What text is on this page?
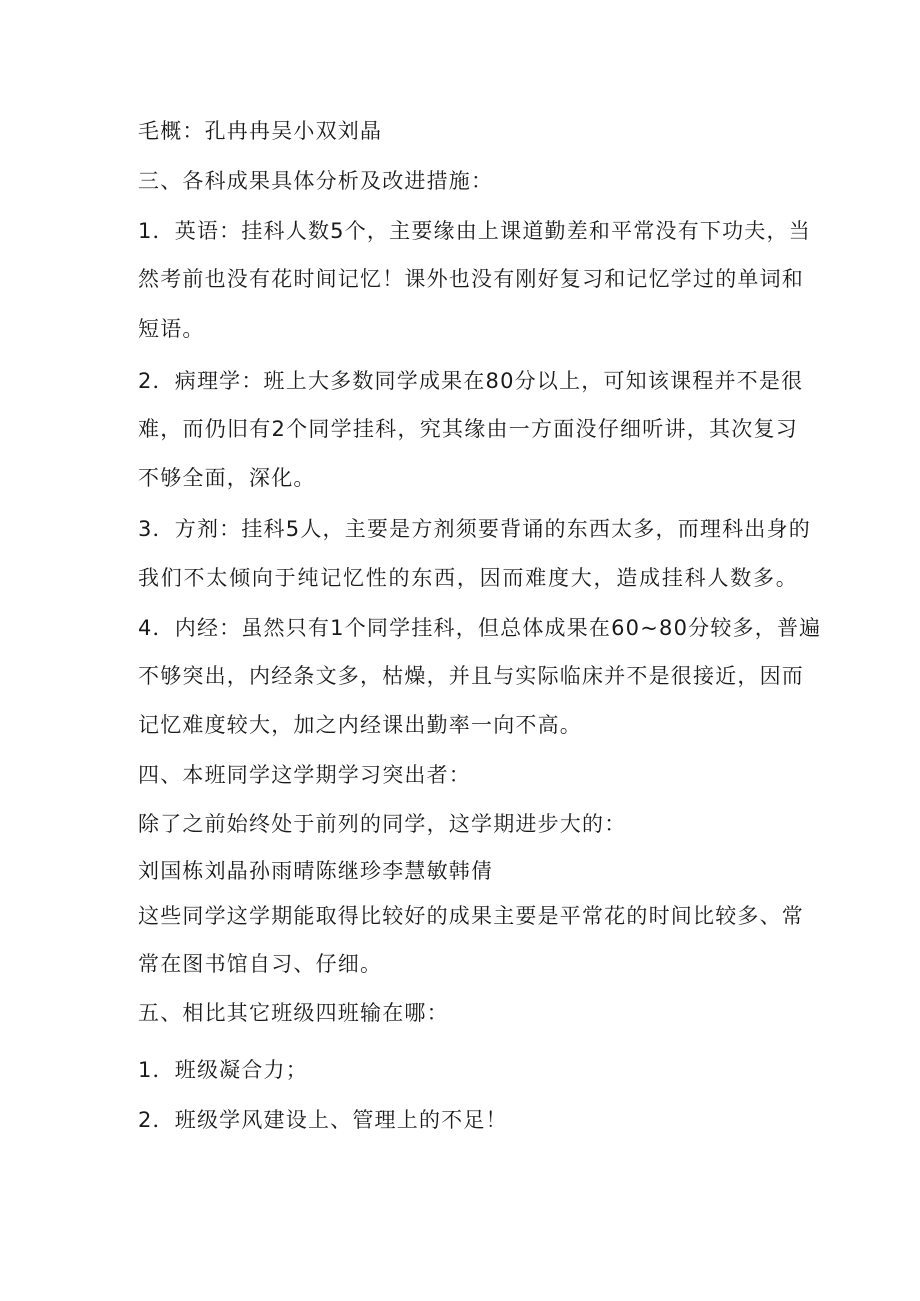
毛概：孔冉冉吴小双刘晶
三、各科成果具体分析及改进措施：
1．英语：挂科人数5个，主要缘由上课道勤差和平常没有下功夫，当
然考前也没有花时间记忆！课外也没有刚好复习和记忆学过的单词和
短语。
2．病理学：班上大多数同学成果在80分以上，可知该课程并不是很
难，而仍旧有2个同学挂科，究其缘由一方面没仔细听讲，其次复习
不够全面，深化。
3．方剂：挂科5人，主要是方剂须要背诵的东西太多，而理科出身的
我们不太倾向于纯记忆性的东西，因而难度大，造成挂科人数多。
4．内经：虽然只有1个同学挂科，但总体成果在60~80分较多，普遍
不够突出，内经条文多，枯燥，并且与实际临床并不是很接近，因而
记忆难度较大，加之内经课出勤率一向不高。
四、本班同学这学期学习突出者：
除了之前始终处于前列的同学，这学期进步大的：
刘国栋刘晶孙雨晴陈继珍李慧敏韩倩
这些同学这学期能取得比较好的成果主要是平常花的时间比较多、常
常在图书馆自习、仔细。
五、相比其它班级四班输在哪：
1．班级凝合力；
2．班级学风建设上、管理上的不足！
